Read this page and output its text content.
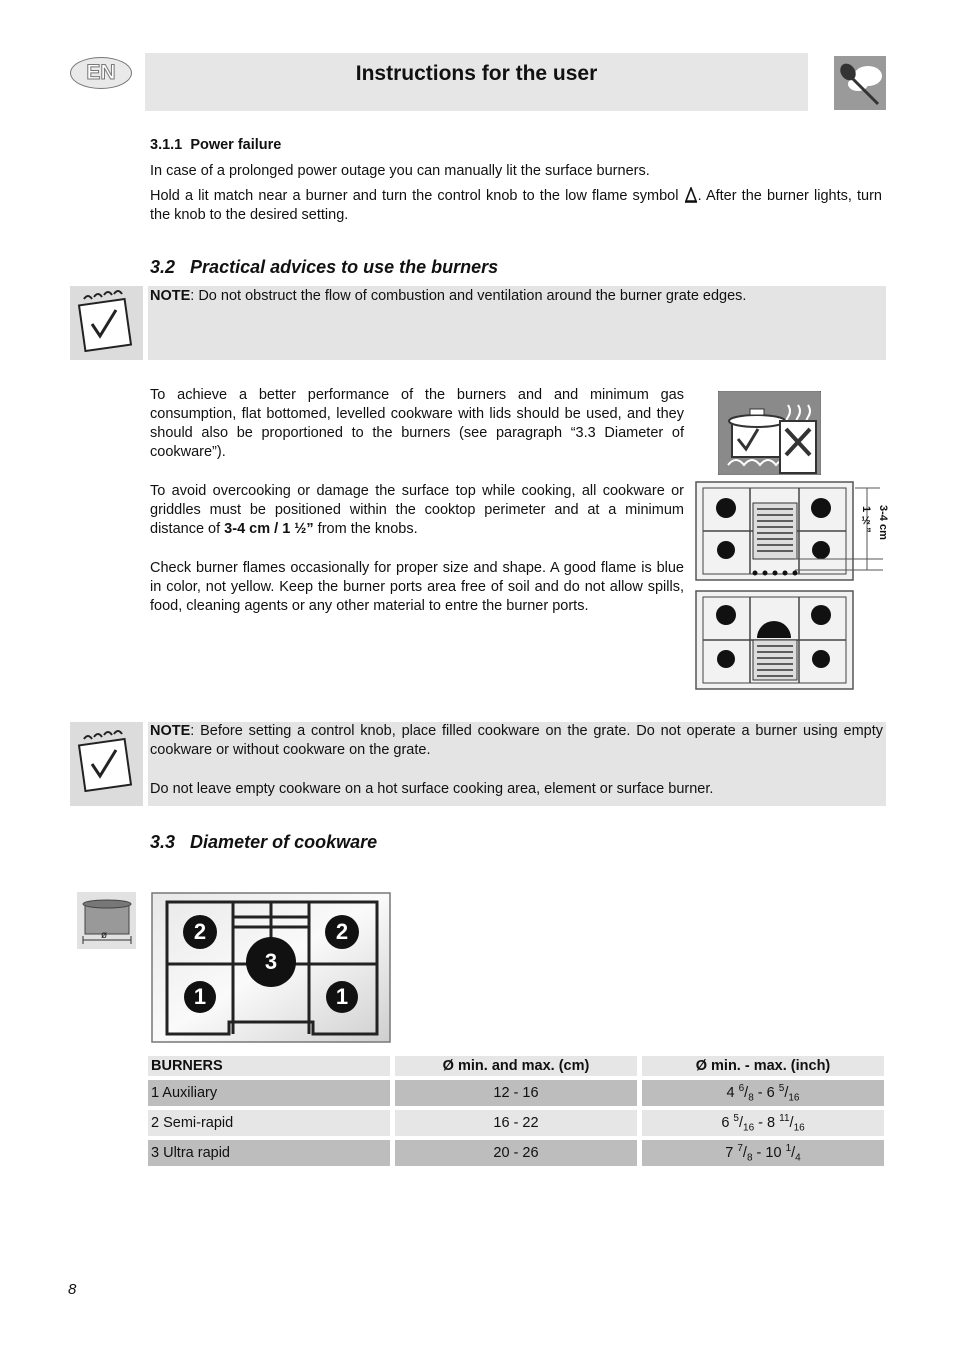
EN	Instructions for the user
3.1.1 Power failure
In case of a prolonged power outage you can manually lit the surface burners.
Hold a lit match near a burner and turn the control knob to the low flame symbol . After the burner lights, turn the knob to the desired setting.
3.2 Practical advices to use the burners
NOTE: Do not obstruct the flow of combustion and ventilation around the burner grate edges.
To achieve a better performance of the burners and and minimum gas consumption, flat bottomed, levelled cookware with lids should be used, and they should also be proportioned to the burners (see paragraph “3.3 Diameter of cookware”).
To avoid overcooking or damage the surface top while cooking, all cookware or griddles must be positioned within the cooktop perimeter and at a minimum distance of 3-4 cm / 1 ½” from the knobs.
Check burner flames occasionally for proper size and shape. A good flame is blue in color, not yellow. Keep the burner ports area free of soil and do not allow spills, food, cleaning agents or any other material to entre the burner ports.
3-4 cm
1 ½”
NOTE: Before setting a control knob, place filled cookware on the grate. Do not operate a burner using empty cookware or without cookware on the grate.
Do not leave empty cookware on a hot surface cooking area, element or surface burner.
3.3 Diameter of cookware
ø	2	2
3
1	1
BURNERS	Ø min. and max. (cm)	Ø min. - max. (inch)
1 Auxiliary	12 - 16	4 $^6/_8 - 6$ $^5/_{16}$
2 Semi-rapid	16 - 22	6 $^5/_{16} - 8$ $^{11}/_{16}$
3 Ultra rapid	20 - 26	7 $^7/_8 - 10$ $^1/_4$
8
